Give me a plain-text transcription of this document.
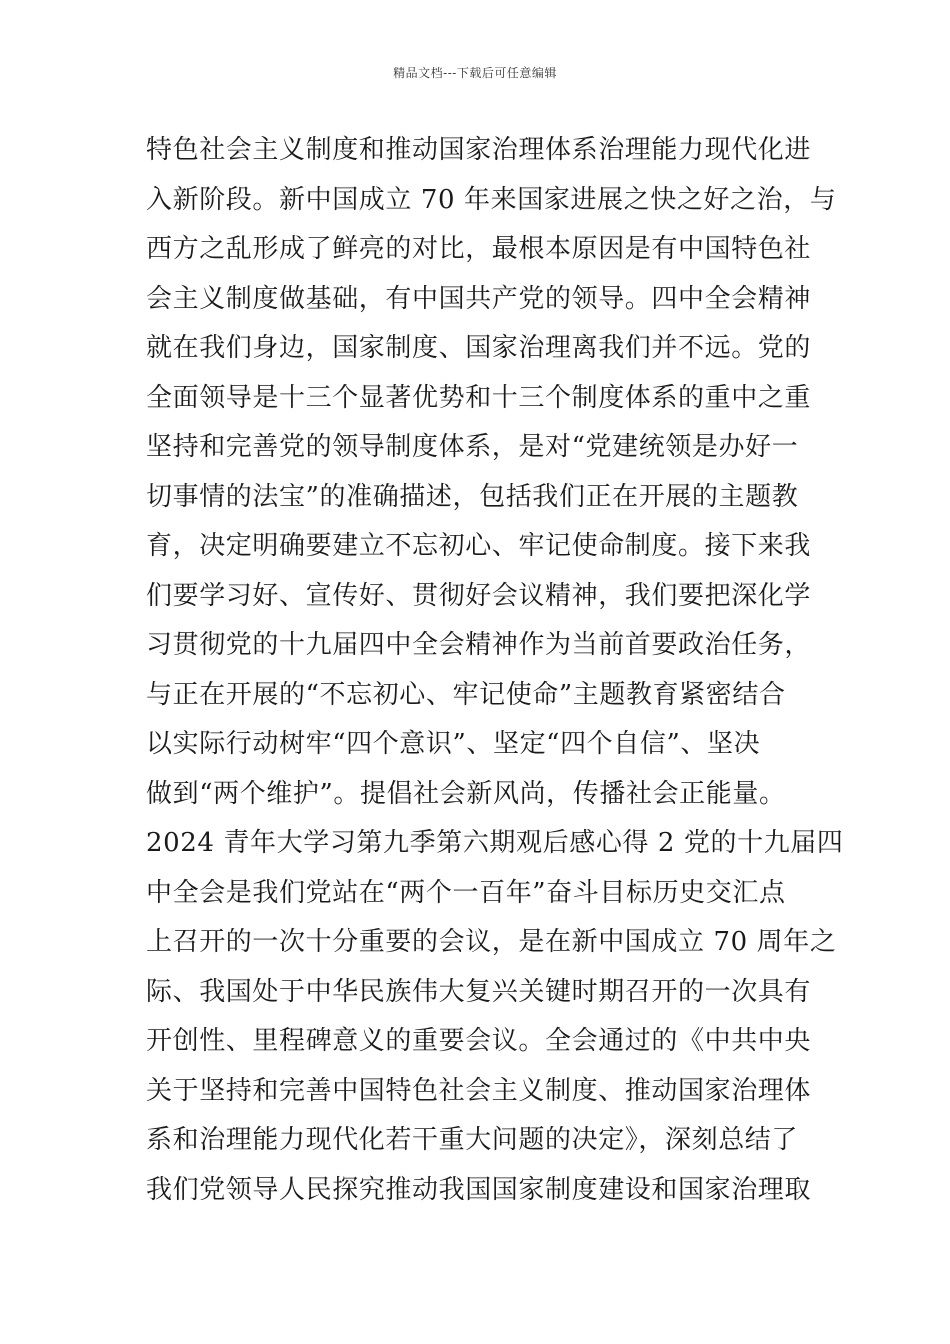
精品文档---下载后可任意编辑
特色社会主义制度和推动国家治理体系治理能力现代化进
入新阶段。新中国成立 70 年来国家进展之快之好之治，与
西方之乱形成了鲜亮的对比，最根本原因是有中国特色社
会主义制度做基础，有中国共产党的领导。四中全会精神
就在我们身边，国家制度、国家治理离我们并不远。党的
全面领导是十三个显著优势和十三个制度体系的重中之重
坚持和完善党的领导制度体系，是对“党建统领是办好一
切事情的法宝”的准确描述，包括我们正在开展的主题教
育，决定明确要建立不忘初心、牢记使命制度。接下来我
们要学习好、宣传好、贯彻好会议精神，我们要把深化学
习贯彻党的十九届四中全会精神作为当前首要政治任务，
与正在开展的“不忘初心、牢记使命”主题教育紧密结合
以实际行动树牢“四个意识”、坚定“四个自信”、坚决
做到“两个维护”。提倡社会新风尚，传播社会正能量。
2024 青年大学习第九季第六期观后感心得 2 党的十九届四
中全会是我们党站在“两个一百年”奋斗目标历史交汇点
上召开的一次十分重要的会议，是在新中国成立 70 周年之
际、我国处于中华民族伟大复兴关键时期召开的一次具有
开创性、里程碑意义的重要会议。全会通过的《中共中央
关于坚持和完善中国特色社会主义制度、推动国家治理体
系和治理能力现代化若干重大问题的决定》，深刻总结了
我们党领导人民探究推动我国国家制度建设和国家治理取
